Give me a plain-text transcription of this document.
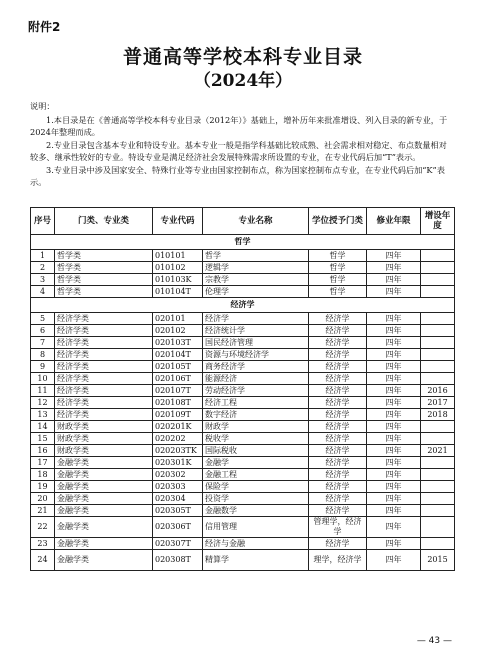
附件2
普通高等学校本科专业目录
（2024年）
说明：

1.本目录是在《普通高等学校本科专业目录（2012年）》基础上，增补历年来批准增设、列入目录的新专业，于2024年整理而成。

2.专业目录包含基本专业和特设专业。基本专业一般是指学科基础比较成熟、社会需求相对稳定、布点数量相对较多、继承性较好的专业。特设专业是满足经济社会发展特殊需求所设置的专业，在专业代码后加“T”表示。

3.专业目录中涉及国家安全、特殊行业等专业由国家控制布点，称为国家控制布点专业，在专业代码后加“K”表示。

序号	门类、专业类	专业代码	专业名称	学位授予门类	修业年限	增设年度
哲学						
1	哲学类	010101	哲学	哲学	四年	
2	哲学类	010102	逻辑学	哲学	四年	
3	哲学类	010103K	宗教学	哲学	四年	
4	哲学类	010104T	伦理学	哲学	四年	
经济学						
5	经济学类	020101	经济学	经济学	四年	
6	经济学类	020102	经济统计学	经济学	四年	
7	经济学类	020103T	国民经济管理	经济学	四年	
8	经济学类	020104T	资源与环境经济学	经济学	四年	
9	经济学类	020105T	商务经济学	经济学	四年	
10	经济学类	020106T	能源经济	经济学	四年	
11	经济学类	020107T	劳动经济学	经济学	四年	2016
12	经济学类	020108T	经济工程	经济学	四年	2017
13	经济学类	020109T	数字经济	经济学	四年	2018
14	财政学类	020201K	财政学	经济学	四年	
15	财政学类	020202	税收学	经济学	四年	
16	财政学类	020203TK	国际税收	经济学	四年	2021
17	金融学类	020301K	金融学	经济学	四年	
18	金融学类	020302	金融工程	经济学	四年	
19	金融学类	020303	保险学	经济学	四年	
20	金融学类	020304	投资学	经济学	四年	
21	金融学类	020305T	金融数学	经济学	四年	
22	金融学类	020306T	信用管理	管理学，经济学	四年	
23	金融学类	020307T	经济与金融	经济学	四年	
24	金融学类	020308T	精算学	理学，经济学	四年	2015
— 43 —
